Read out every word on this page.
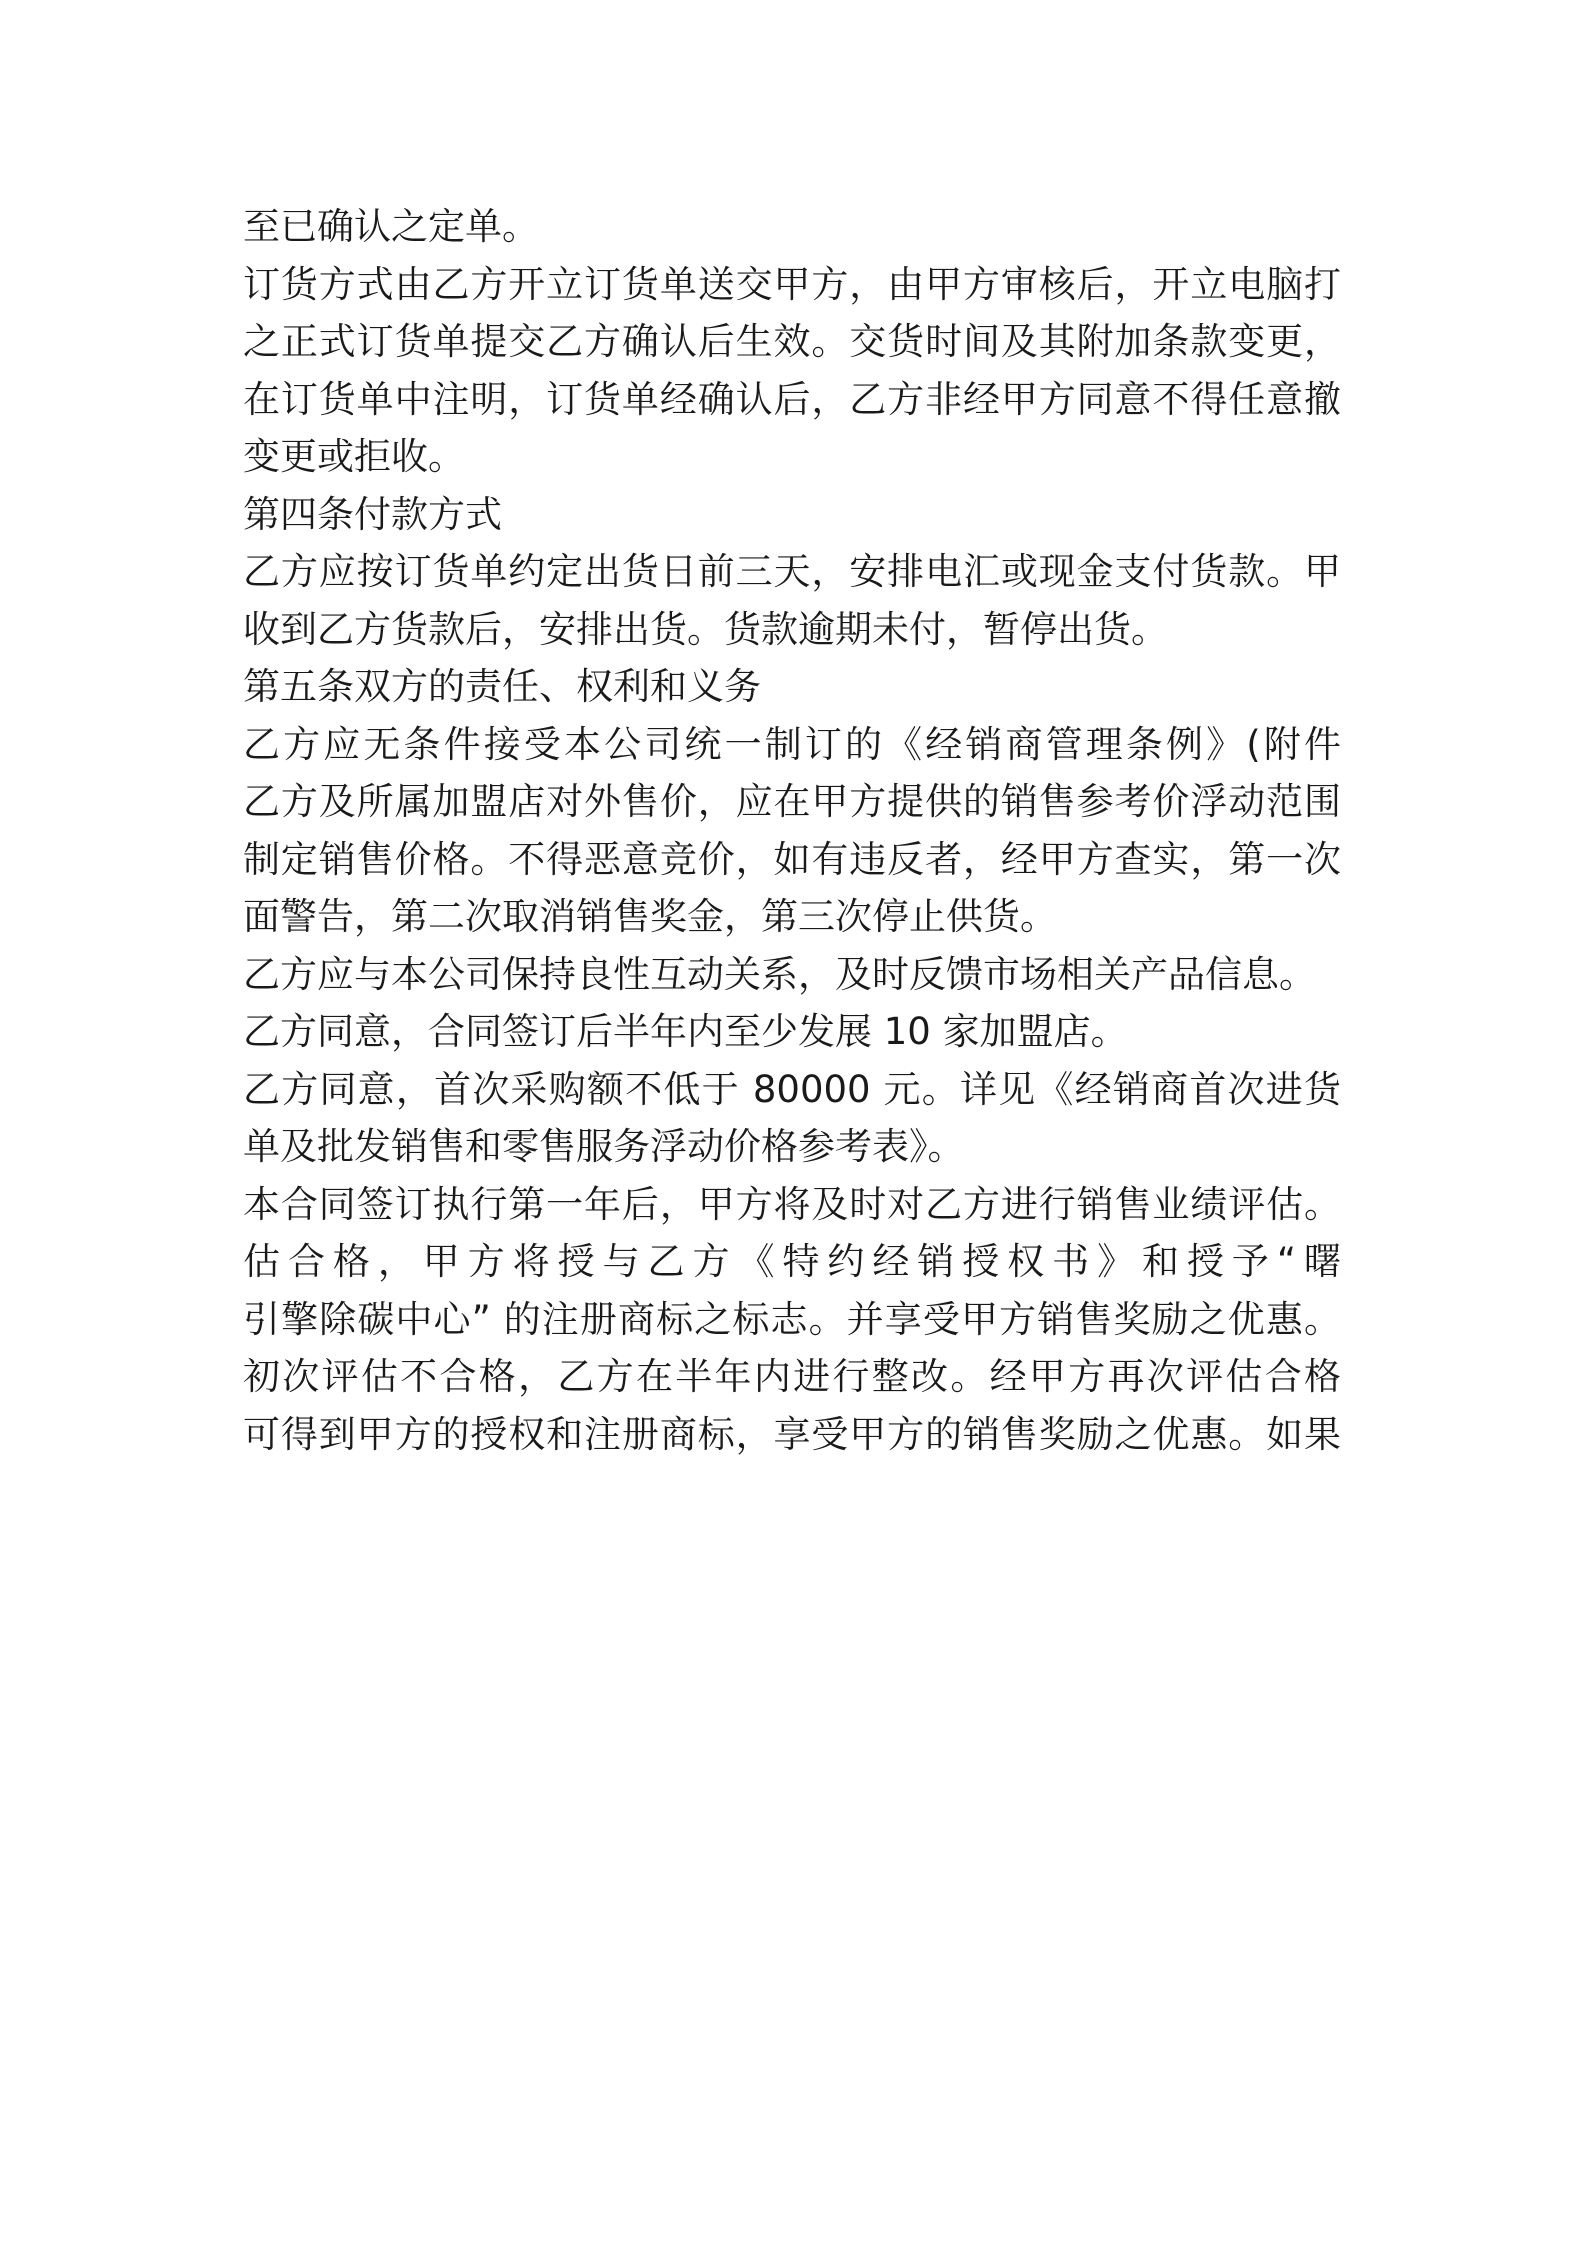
至已确认之定单。

订货方式由乙方开立订货单送交甲方，由甲方审核后，开立电脑打

之正式订货单提交乙方确认后生效。交货时间及其附加条款变更，

在订货单中注明，订货单经确认后，乙方非经甲方同意不得任意撤

变更或拒收。

第四条付款方式

乙方应按订货单约定出货日前三天，安排电汇或现金支付货款。甲

收到乙方货款后，安排出货。货款逾期未付，暂停出货。

第五条双方的责任、权利和义务

乙方应无条件接受本公司统一制订的《经销商管理条例》(附件

乙方及所属加盟店对外售价，应在甲方提供的销售参考价浮动范围

制定销售价格。不得恶意竞价，如有违反者，经甲方查实，第一次

面警告，第二次取消销售奖金，第三次停止供货。

乙方应与本公司保持良性互动关系，及时反馈市场相关产品信息。

乙方同意，合同签订后半年内至少发展 10 家加盟店。

乙方同意，首次采购额不低于 80000 元。详见《经销商首次进货

单及批发销售和零售服务浮动价格参考表》。

本合同签订执行第一年后，甲方将及时对乙方进行销售业绩评估。

估合格，甲方将授与乙方《特约经销授权书》和授予“曙

引擎除碳中心” 的注册商标之标志。并享受甲方销售奖励之优惠。

初次评估不合格，乙方在半年内进行整改。经甲方再次评估合格

可得到甲方的授权和注册商标，享受甲方的销售奖励之优惠。如果
